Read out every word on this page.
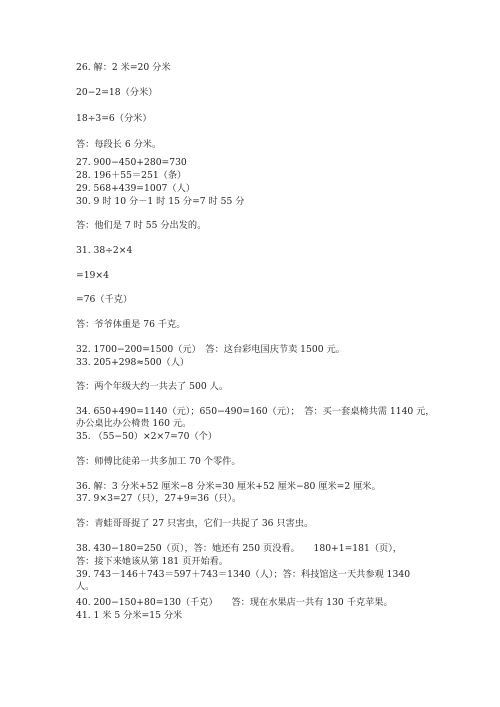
26. 解：2 米=20 分米
20−2=18（分米）
18÷3=6（分米）
答：每段长 6 分米。
27. 900−450+280=730
28. 196＋55＝251（条）
29. 568+439=1007（人）
30. 9 时 10 分－1 时 15 分=7 时 55 分
答：他们是 7 时 55 分出发的。
31. 38÷2×4
=19×4
=76（千克）
答：爷爷体重是 76 千克。
32. 1700−200=1500（元）　答：这台彩电国庆节卖 1500 元。
33. 205+298≈500（人）
答：两个年级大约一共去了 500 人。
34. 650+490=1140（元）；650−490=160（元）；　答：买一套桌椅共需 1140 元，
办公桌比办公椅贵 160 元。
35. （55−50）×2×7=70（个）
答：师傅比徒弟一共多加工 70 个零件。
36. 解：3 分米+52 厘米−8 分米=30 厘米+52 厘米−80 厘米=2 厘米。
37. 9×3=27（只），27+9=36（只）。
答：青蛙哥哥捉了 27 只害虫，它们一共捉了 36 只害虫。
38. 430−180=250（页），答：她还有 250 页没看。　　180+1=181（页），
答：接下来她该从第 181 页开始看。
39. 743－146＋743＝597＋743＝1340（人）；答：科技馆这一天共参观 1340
人。
40. 200−150+80=130（千克）　　答：现在水果店一共有 130 千克苹果。
41. 1 米 5 分米=15 分米
